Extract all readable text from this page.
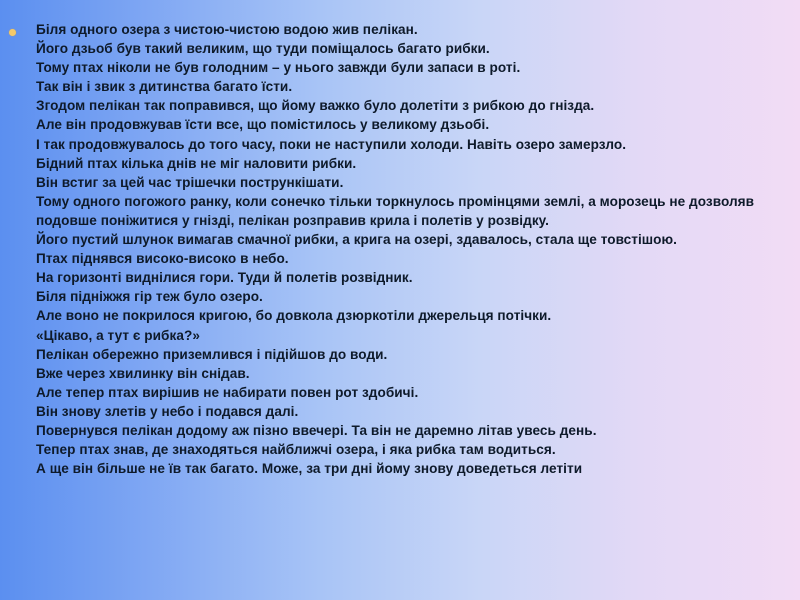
Біля одного озера з чистою-чистою водою жив пелікан.
Його дзьоб був такий великим, що туди поміщалось багато рибки.
Тому птах ніколи не був голодним – у нього завжди були запаси в роті.
Так він і звик з дитинства багато їсти.
Згодом пелікан так поправився, що йому важко було долетіти з рибкою до гнізда.
Але він продовжував їсти все, що помістилось у великому дзьобі.
І так продовжувалось до того часу, поки не наступили холоди. Навіть озеро замерзло.
Бідний птах кілька днів не міг наловити рибки.
Він встиг за цей час трішечки пострункішати.
Тому одного погожого ранку, коли сонечко тільки торкнулось промінцями землі, а морозець не дозволяв подовше поніжитися у гнізді, пелікан розправив крила і полетів у розвідку.
Його пустий шлунок вимагав смачної рибки, а крига на озері, здавалось, стала ще товстішою.
Птах піднявся високо-високо в небо.
На горизонті виднілися гори. Туди й полетів розвідник.
Біля підніжжя гір теж було озеро.
Але воно не покрилося кригою, бо довкола дзюркотіли джерельця потічки.
«Цікаво, а тут є рибка?»
Пелікан обережно приземлився і підійшов до води.
Вже через хвилинку він снідав.
Але тепер птах вирішив не набирати повен рот здобичі.
Він знову злетів у небо і подався далі.
Повернувся пелікан додому аж пізно ввечері. Та він не даремно літав увесь день.
Тепер птах знав, де знаходяться найближчі озера, і яка рибка там водиться.
А ще він більше не їв так багато. Може, за три дні йому знову доведеться летіти
